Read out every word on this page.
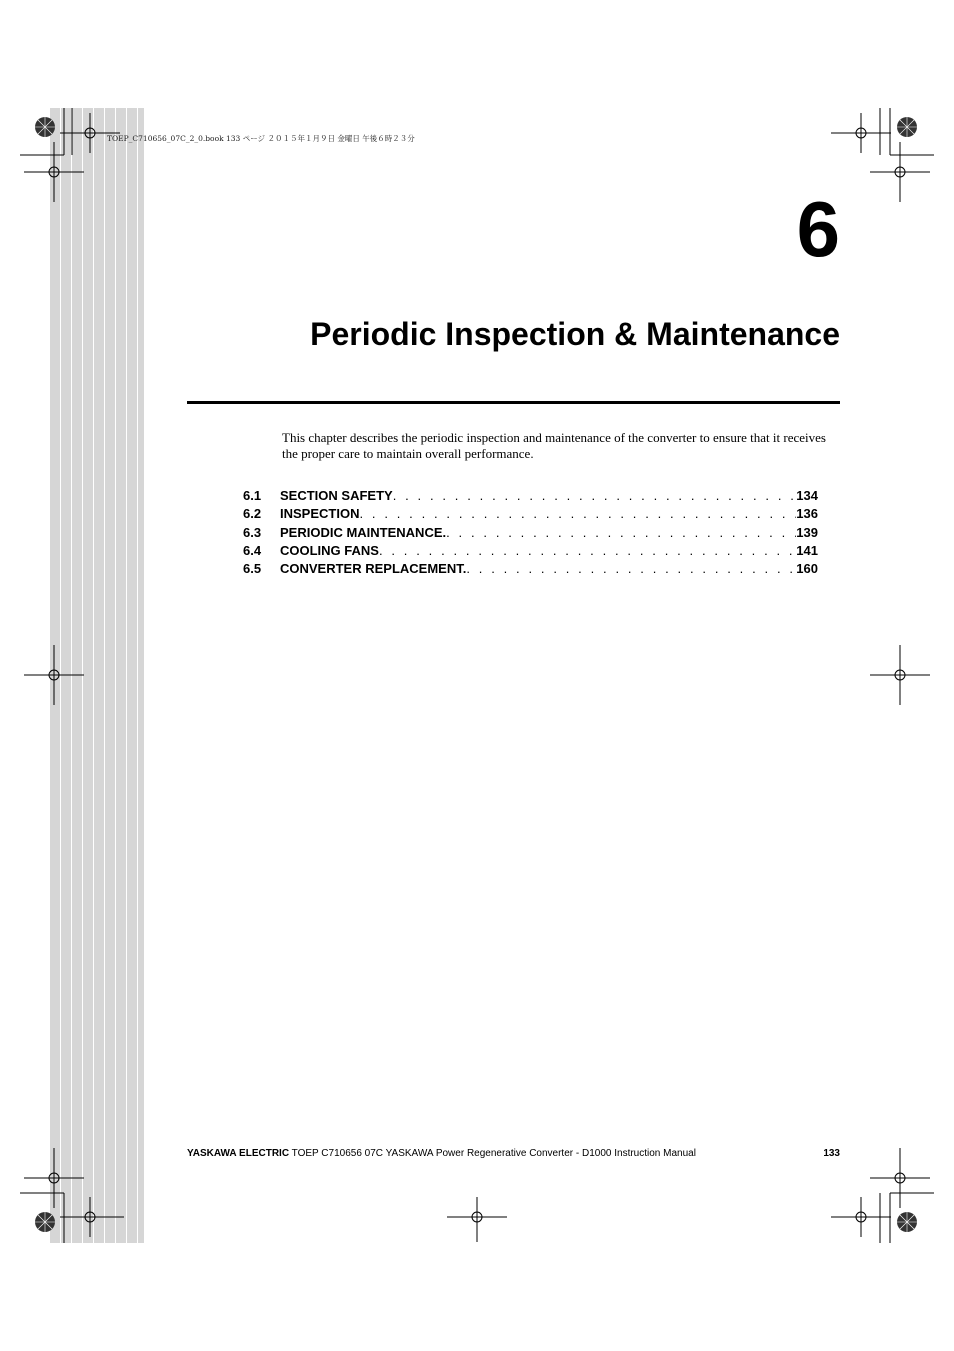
TOEP_C710656_07C_2_0.book 133 ページ ２０１５年１月９日 金曜日 午後６時２３分
6
Periodic Inspection & Maintenance
This chapter describes the periodic inspection and maintenance of the converter to ensure that it receives the proper care to maintain overall performance.
6.1	SECTION SAFETY . . .	134
6.2	INSPECTION . . .	136
6.3	PERIODIC MAINTENANCE. . . .	139
6.4	COOLING FANS . . .	141
6.5	CONVERTER REPLACEMENT. . . .	160
YASKAWA ELECTRIC TOEP C710656 07C YASKAWA Power Regenerative Converter - D1000 Instruction Manual	133
